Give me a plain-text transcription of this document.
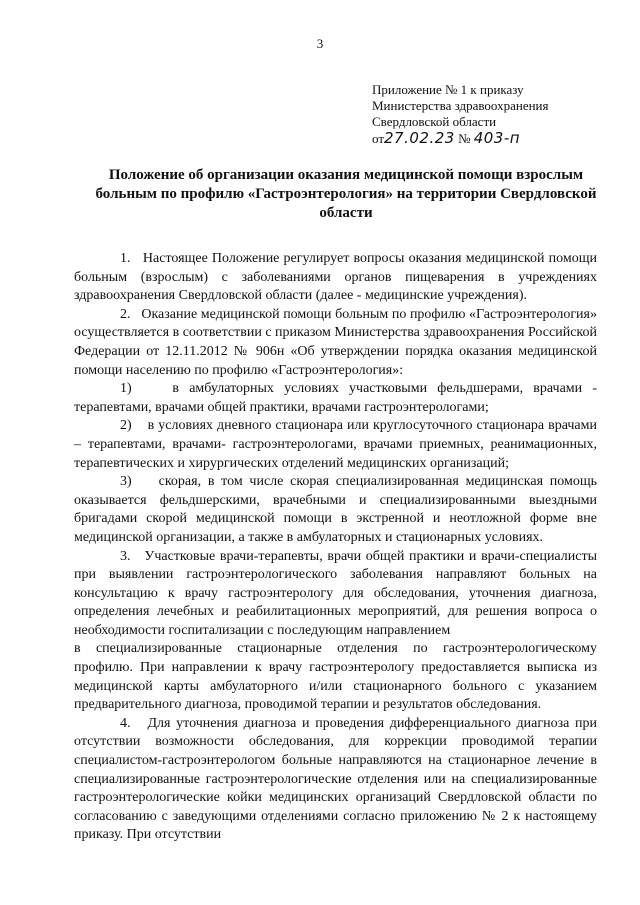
3
Приложение № 1 к приказу
Министерства здравоохранения
Свердловской области
от27.02.23 № 403-п
Положение об организации оказания медицинской помощи взрослым
больным по профилю «Гастроэнтерология» на территории Свердловской
области

1.   Настоящее Положение регулирует вопросы оказания медицинской помощи больным (взрослым) с заболеваниями органов пищеварения в учреждениях здравоохранения Свердловской области (далее - медицинские учреждения).

2.   Оказание медицинской помощи больным по профилю «Гастроэнтерология» осуществляется в соответствии с приказом Министерства здравоохранения Российской Федерации от 12.11.2012 № 906н «Об утверждении порядка оказания медицинской помощи населению по профилю «Гастроэнтерология»:

1)    в амбулаторных условиях участковыми фельдшерами, врачами - терапевтами, врачами общей практики, врачами гастроэнтерологами;

2)    в условиях дневного стационара или круглосуточного стационара врачами – терапевтами, врачами- гастроэнтерологами, врачами приемных, реанимационных, терапевтических и хирургических отделений медицинских организаций;

3)    скорая, в том числе скорая специализированная медицинская помощь оказывается фельдшерскими, врачебными и специализированными выездными бригадами скорой медицинской помощи в экстренной и неотложной форме вне медицинской организации, а также в амбулаторных и стационарных условиях.

3.   Участковые врачи-терапевты, врачи общей практики и врачи-специалисты при выявлении гастроэнтерологического заболевания направляют больных на консультацию к врачу гастроэнтерологу для обследования, уточнения диагноза, определения лечебных и реабилитационных мероприятий, для решения вопроса о необходимости госпитализации с последующим направлением

в специализированные стационарные отделения по гастроэнтерологическому профилю. При направлении к врачу гастроэнтерологу предоставляется выписка из медицинской карты амбулаторного и/или стационарного больного с указанием предварительного диагноза, проводимой терапии и результатов обследования.

4.   Для уточнения диагноза и проведения дифференциального диагноза при отсутствии возможности обследования, для коррекции проводимой терапии специалистом-гастроэнтерологом больные направляются на стационарное лечение в специализированные гастроэнтерологические отделения или на специализированные гастроэнтерологические койки медицинских организаций Свердловской области по согласованию с заведующими отделениями согласно приложению № 2 к настоящему приказу. При отсутствии
